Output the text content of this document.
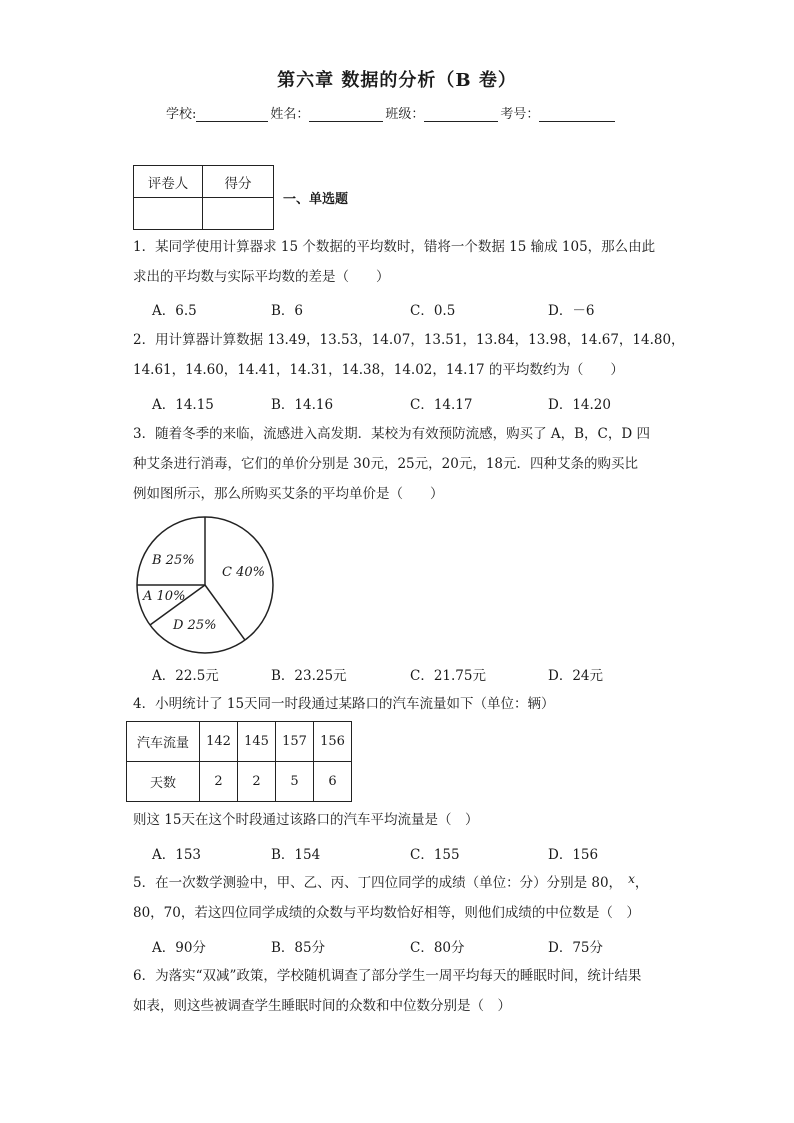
第六章 数据的分析（B 卷）
学校:	姓名：	班级：	考号：
评卷人	得分

一、单选题
1．某同学使用计算器求 15 个数据的平均数时，错将一个数据 15 输成 105，那么由此
求出的平均数与实际平均数的差是（　　）
A．6.5	B．6	C．0.5	D．－6
2．用计算器计算数据 13.49，13.53，14.07，13.51，13.84，13.98，14.67，14.80，
14.61，14.60，14.41，14.31，14.38，14.02，14.17 的平均数约为（　　）
A．14.15	B．14.16	C．14.17	D．14.20
3．随着冬季的来临，流感进入高发期．某校为有效预防流感，购买了 A，B，C，D 四
种艾条进行消毒，它们的单价分别是 30元，25元，20元，18元．四种艾条的购买比
例如图所示，那么所购买艾条的平均单价是（　　）
B 25%
C 40%
A 10%
D 25%
A．22.5元	B．23.25元	C．21.75元	D．24元
4．小明统计了 15天同一时段通过某路口的汽车流量如下（单位：辆）
汽车流量	142	145	157	156
天数	2	2	5	6
则这 15天在这个时段通过该路口的汽车平均流量是（　）
A．153	B．154	C．155	D．156
5．在一次数学测验中，甲、乙、丙、丁四位同学的成绩（单位：分）分别是 80， x，
80，70，若这四位同学成绩的众数与平均数恰好相等，则他们成绩的中位数是（　）
A．90分	B．85分	C．80分	D．75分
6．为落实“双减”政策，学校随机调查了部分学生一周平均每天的睡眠时间，统计结果
如表，则这些被调查学生睡眠时间的众数和中位数分别是（　）
